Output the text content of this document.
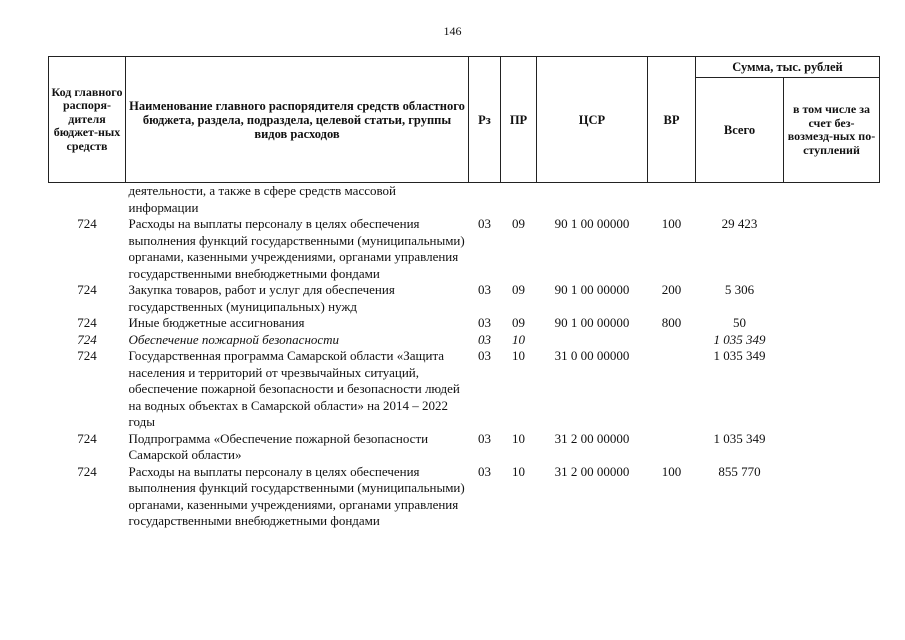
146
Код главного распоря-дителя бюджет-ных средств	Наименование главного распорядителя средств областного бюджета, раздела, подраздела, целевой статьи, группы видов расходов	Рз	ПР	ЦСР	ВР	Сумма, тыс. рублей	
						Всего	в том числе за счет без-возмезд-ных по-ступлений
	деятельности, а также в сфере средств массовой информации						
724	Расходы на выплаты персоналу в целях обеспечения выполнения функций государственными (муниципальными) органами, казенными учреждениями, органами управления государственными внебюджетными фондами	03	09	90 1 00 00000	100	29 423	
724	Закупка товаров, работ и услуг для обеспечения государственных (муниципальных) нужд	03	09	90 1 00 00000	200	5 306	
724	Иные бюджетные ассигнования	03	09	90 1 00 00000	800	50	
724	Обеспечение пожарной безопасности	03	10			1 035 349	
724	Государственная программа Самарской области «Защита населения и территорий от чрезвычайных ситуаций, обеспечение пожарной безопасности и безопасности людей на водных объектах в Самарской области» на 2014 – 2022 годы	03	10	31 0 00 00000		1 035 349	
724	Подпрограмма «Обеспечение пожарной безопасности Самарской области»	03	10	31 2 00 00000		1 035 349	
724	Расходы на выплаты персоналу в целях обеспечения выполнения функций государственными (муниципальными) органами, казенными учреждениями, органами управления государственными внебюджетными фондами	03	10	31 2 00 00000	100	855 770	
